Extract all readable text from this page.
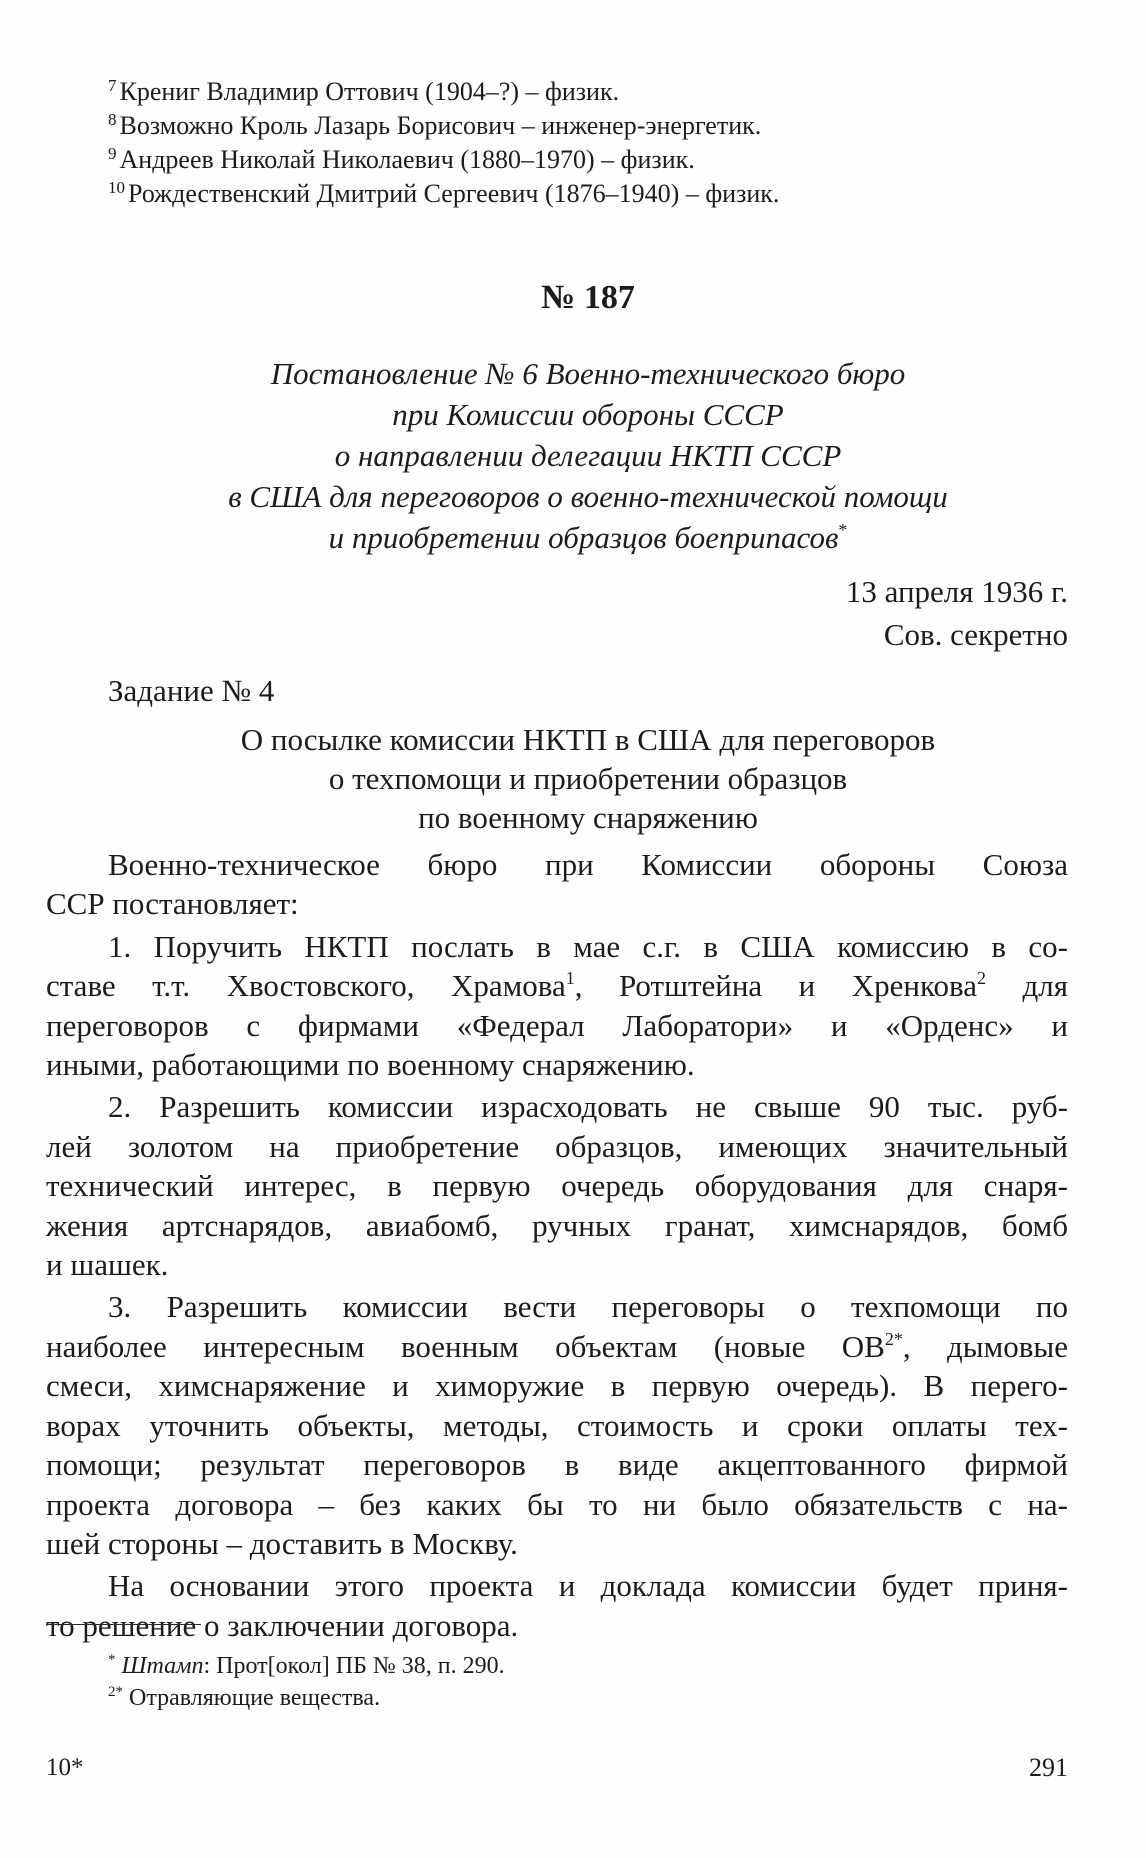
$^7$ Крениг Владимир Оттович (1904–?) – физик.
$^8$ Возможно Кроль Лазарь Борисович – инженер-энергетик.
$^9$ Андреев Николай Николаевич (1880–1970) – физик.
$^{10}$ Рождественский Дмитрий Сергеевич (1876–1940) – физик.
№ 187
Постановление № 6 Военно-технического бюро
при Комиссии обороны СССР
о направлении делегации НКТП СССР
в США для переговоров о военно-технической помощи
и приобретении образцов боеприпасов*
13 апреля 1936 г.
Сов. секретно
Задание № 4
О посылке комиссии НКТП в США для переговоров
о техпомощи и приобретении образцов
по военному снаряжению

Военно-техническое бюро при Комиссии обороны Союза
ССР постановляет:

1. Поручить НКТП послать в мае с.г. в США комиссию в со-
ставе т.т. Хвостовского, Храмова$^1$, Ротштейна и Хренкова$^2$ для
переговоров с фирмами «Федерал Лаборатори» и «Орденс» и
иными, работающими по военному снаряжению.

2. Разрешить комиссии израсходовать не свыше 90 тыс. руб-
лей золотом на приобретение образцов, имеющих значительный
технический интерес, в первую очередь оборудования для снаря-
жения артснарядов, авиабомб, ручных гранат, химснарядов, бомб
и шашек.

3. Разрешить комиссии вести переговоры о техпомощи по
наиболее интересным военным объектам (новые $ОВ^{2*}$, дымовые
смеси, химснаряжение и химоружие в первую очередь). В перего-
ворах уточнить объекты, методы, стоимость и сроки оплаты тех-
помощи; результат переговоров в виде акцептованного фирмой
проекта договора – без каких бы то ни было обязательств с на-
шей стороны – доставить в Москву.

На основании этого проекта и доклада комиссии будет приня-
то решение о заключении договора.

* Штамп: Прот[окол] ПБ № 38, п. 290.
$^{2*}$ Отравляющие вещества.
10*	291
